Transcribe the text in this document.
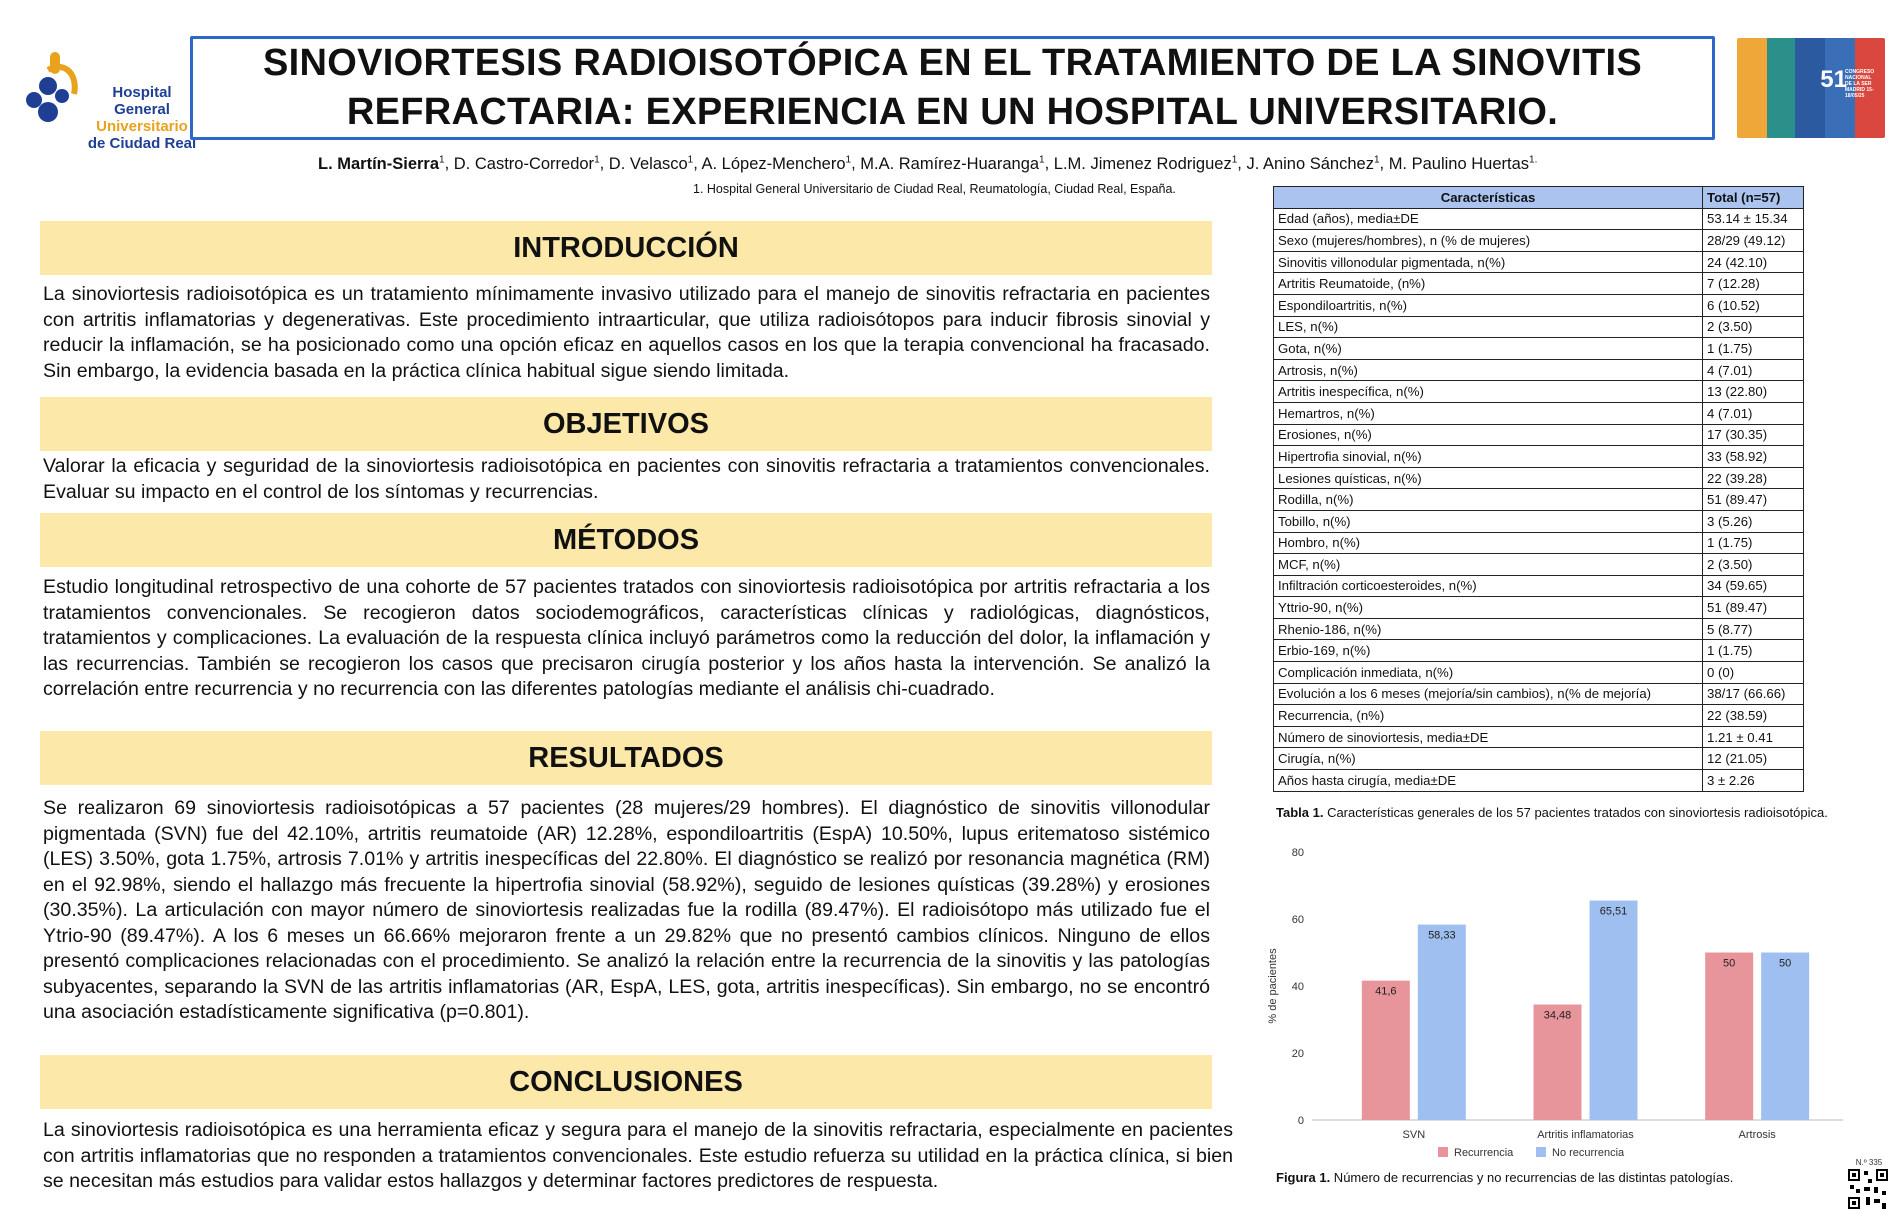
Hospital General
Universitario
de Ciudad Real
SINOVIORTESIS RADIOISOTÓPICA EN EL TRATAMIENTO DE LA SINOVITIS REFRACTARIA: EXPERIENCIA EN UN HOSPITAL UNIVERSITARIO.
51
CONGRESO
NACIONAL
DE LA SER
MADRID 15-18/05/25
L. Martín-Sierra$^1$, D. Castro-Corredor$^1$, D. Velasco$^1$, A. López-Menchero$^1$, M.A. Ramírez-Huaranga$^1$, L.M. Jimenez Rodriguez$^1$, J. Anino Sánchez$^1$, M. Paulino Huertas$^{1.}$
1. Hospital General Universitario de Ciudad Real, Reumatología, Ciudad Real, España.
INTRODUCCIÓN
La sinoviortesis radioisotópica es un tratamiento mínimamente invasivo utilizado para el manejo de sinovitis refractaria en pacientes con artritis inflamatorias y degenerativas. Este procedimiento intraarticular, que utiliza radioisótopos para inducir fibrosis sinovial y reducir la inflamación, se ha posicionado como una opción eficaz en aquellos casos en los que la terapia convencional ha fracasado. Sin embargo, la evidencia basada en la práctica clínica habitual sigue siendo limitada.
OBJETIVOS
Valorar la eficacia y seguridad de la sinoviortesis radioisotópica en pacientes con sinovitis refractaria a tratamientos convencionales. Evaluar su impacto en el control de los síntomas y recurrencias.
MÉTODOS
Estudio longitudinal retrospectivo de una cohorte de 57 pacientes tratados con sinoviortesis radioisotópica por artritis refractaria a los tratamientos convencionales. Se recogieron datos sociodemográficos, características clínicas y radiológicas, diagnósticos, tratamientos y complicaciones. La evaluación de la respuesta clínica incluyó parámetros como la reducción del dolor, la inflamación y las recurrencias. También se recogieron los casos que precisaron cirugía posterior y los años hasta la intervención. Se analizó la correlación entre recurrencia y no recurrencia con las diferentes patologías mediante el análisis chi-cuadrado.
RESULTADOS
Se realizaron 69 sinoviortesis radioisotópicas a 57 pacientes (28 mujeres/29 hombres). El diagnóstico de sinovitis villonodular pigmentada (SVN) fue del 42.10%, artritis reumatoide (AR) 12.28%, espondiloartritis (EspA) 10.50%, lupus eritematoso sistémico (LES) 3.50%, gota 1.75%, artrosis 7.01% y artritis inespecíficas del 22.80%. El diagnóstico se realizó por resonancia magnética (RM) en el 92.98%, siendo el hallazgo más frecuente la hipertrofia sinovial (58.92%), seguido de lesiones quísticas (39.28%) y erosiones (30.35%). La articulación con mayor número de sinoviortesis realizadas fue la rodilla (89.47%). El radioisótopo más utilizado fue el Ytrio-90 (89.47%). A los 6 meses un 66.66% mejoraron frente a un 29.82% que no presentó cambios clínicos. Ninguno de ellos presentó complicaciones relacionadas con el procedimiento. Se analizó la relación entre la recurrencia de la sinovitis y las patologías subyacentes, separando la SVN de las artritis inflamatorias (AR, EspA, LES, gota, artritis inespecíficas). Sin embargo, no se encontró una asociación estadísticamente significativa (p=0.801).
CONCLUSIONES
La sinoviortesis radioisotópica es una herramienta eficaz y segura para el manejo de la sinovitis refractaria, especialmente en pacientes con artritis inflamatorias que no responden a tratamientos convencionales. Este estudio refuerza su utilidad en la práctica clínica, si bien se necesitan más estudios para validar estos hallazgos y determinar factores predictores de respuesta.
Características	Total (n=57)
Edad (años), media±DE	53.14 ± 15.34
Sexo (mujeres/hombres), n (% de mujeres)	28/29 (49.12)
Sinovitis villonodular pigmentada, n(%)	24 (42.10)
Artritis Reumatoide, (n%)	7 (12.28)
Espondiloartritis, n(%)	6 (10.52)
LES, n(%)	2 (3.50)
Gota, n(%)	1 (1.75)
Artrosis, n(%)	4 (7.01)
Artritis inespecífica, n(%)	13 (22.80)
Hemartros, n(%)	4 (7.01)
Erosiones, n(%)	17 (30.35)
Hipertrofia sinovial, n(%)	33 (58.92)
Lesiones quísticas, n(%)	22 (39.28)
Rodilla, n(%)	51 (89.47)
Tobillo, n(%)	3 (5.26)
Hombro, n(%)	1 (1.75)
MCF, n(%)	2 (3.50)
Infiltración corticoesteroides, n(%)	34 (59.65)
Yttrio-90, n(%)	51 (89.47)
Rhenio-186, n(%)	5 (8.77)
Erbio-169, n(%)	1 (1.75)
Complicación inmediata, n(%)	0 (0)
Evolución a los 6 meses (mejoría/sin cambios), n(% de mejoría)	38/17 (66.66)
Recurrencia, (n%)	22 (38.59)
Número de sinoviortesis, media±DE	1.21 ± 0.41
Cirugía, n(%)	12 (21.05)
Años hasta cirugía, media±DE	3 ± 2.26
Tabla 1. Características generales de los 57 pacientes tratados con sinoviortesis radioisotópica.
0
20
40
60
80
% de pacientes	41,6
58,33
SVN
34,48
65,51
Artritis inflamatorias
50	50
Artrosis
Recurrencia	No recurrencia
Figura 1. Número de recurrencias y no recurrencias de las distintas patologías.
N.º 335
